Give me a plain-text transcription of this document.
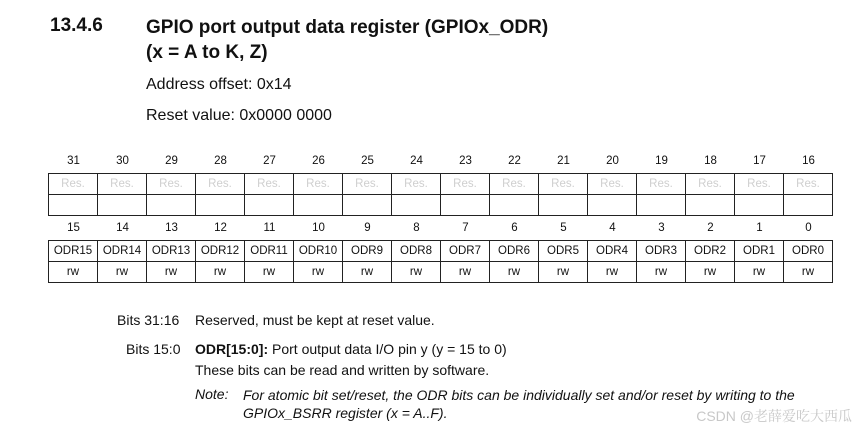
13.4.6 GPIO port output data register (GPIOx_ODR)
(x = A to K, Z)
Address offset: 0x14
Reset value: 0x0000 0000
31	30	29	28	27	26	25	24	23	22	21	20	19	18	17	16
Res.	Res.	Res.	Res.	Res.	Res.	Res.	Res.	Res.	Res.	Res.	Res.	Res.	Res.	Res.	Res.

15	14	13	12	11	10	9	8	7	6	5	4	3	2	1	0
ODR15	ODR14	ODR13	ODR12	ODR11	ODR10	ODR9	ODR8	ODR7	ODR6	ODR5	ODR4	ODR3	ODR2	ODR1	ODR0
rw	rw	rw	rw	rw	rw	rw	rw	rw	rw	rw	rw	rw	rw	rw	rw
Bits 31:16 Reserved, must be kept at reset value.
Bits 15:0 ODR[15:0]: Port output data I/O pin y (y = 15 to 0)
These bits can be read and written by software.
Note: For atomic bit set/reset, the ODR bits can be individually set and/or reset by writing to the GPIOx_BSRR register (x = A..F).	CSDN @老薛爱吃大西瓜
